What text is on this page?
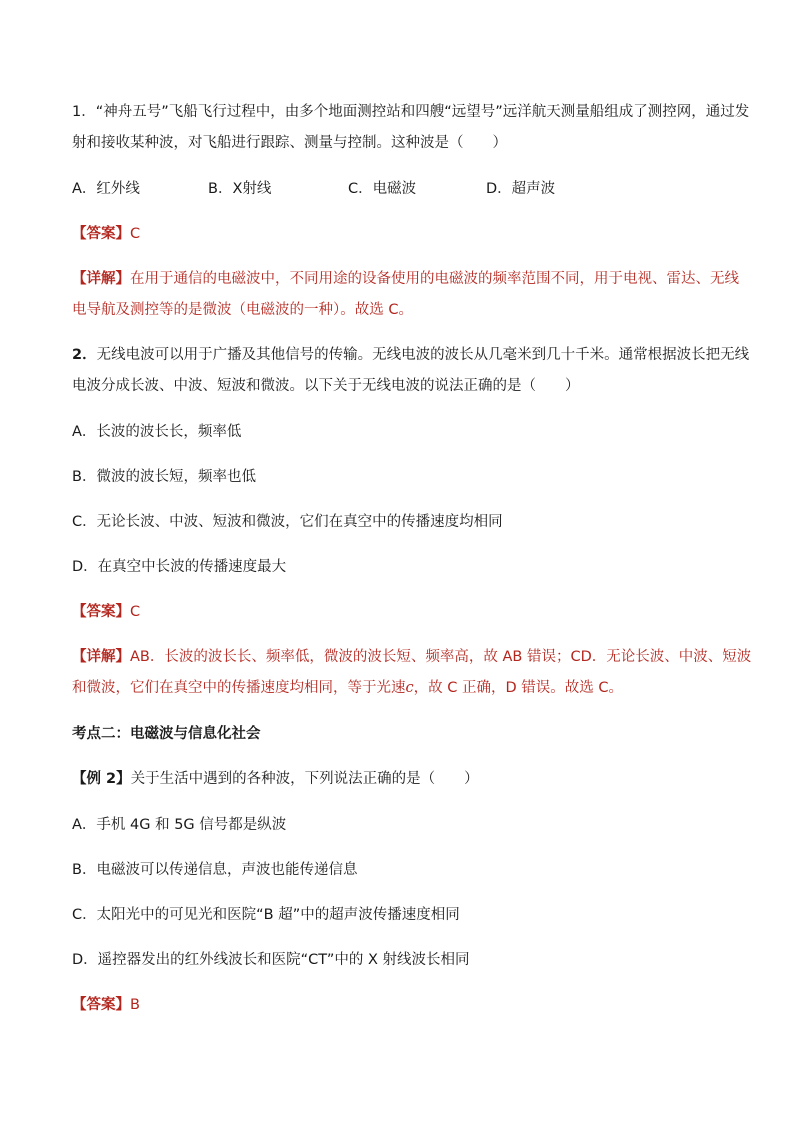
1．“神舟五号”飞船飞行过程中，由多个地面测控站和四艘“远望号”远洋航天测量船组成了测控网，通过发
射和接收某种波，对飞船进行跟踪、测量与控制。这种波是（　　）
A．红外线	B．X射线	C．电磁波	D．超声波
【答案】C
【详解】在用于通信的电磁波中，不同用途的设备使用的电磁波的频率范围不同，用于电视、雷达、无线
电导航及测控等的是微波（电磁波的一种）。故选 C。
2．无线电波可以用于广播及其他信号的传输。无线电波的波长从几毫米到几十千米。通常根据波长把无线
电波分成长波、中波、短波和微波。以下关于无线电波的说法正确的是（　　）
A．长波的波长长，频率低
B．微波的波长短，频率也低
C．无论长波、中波、短波和微波，它们在真空中的传播速度均相同
D．在真空中长波的传播速度最大
【答案】C
【详解】AB．长波的波长长、频率低，微波的波长短、频率高，故 AB 错误；CD．无论长波、中波、短波
和微波，它们在真空中的传播速度均相同，等于光速c，故 C 正确，D 错误。故选 C。
考点二：电磁波与信息化社会
【例 2】关于生活中遇到的各种波，下列说法正确的是（　　）
A．手机 4G 和 5G 信号都是纵波
B．电磁波可以传递信息，声波也能传递信息
C．太阳光中的可见光和医院“B 超”中的超声波传播速度相同
D．遥控器发出的红外线波长和医院“CT”中的 X 射线波长相同
【答案】B
